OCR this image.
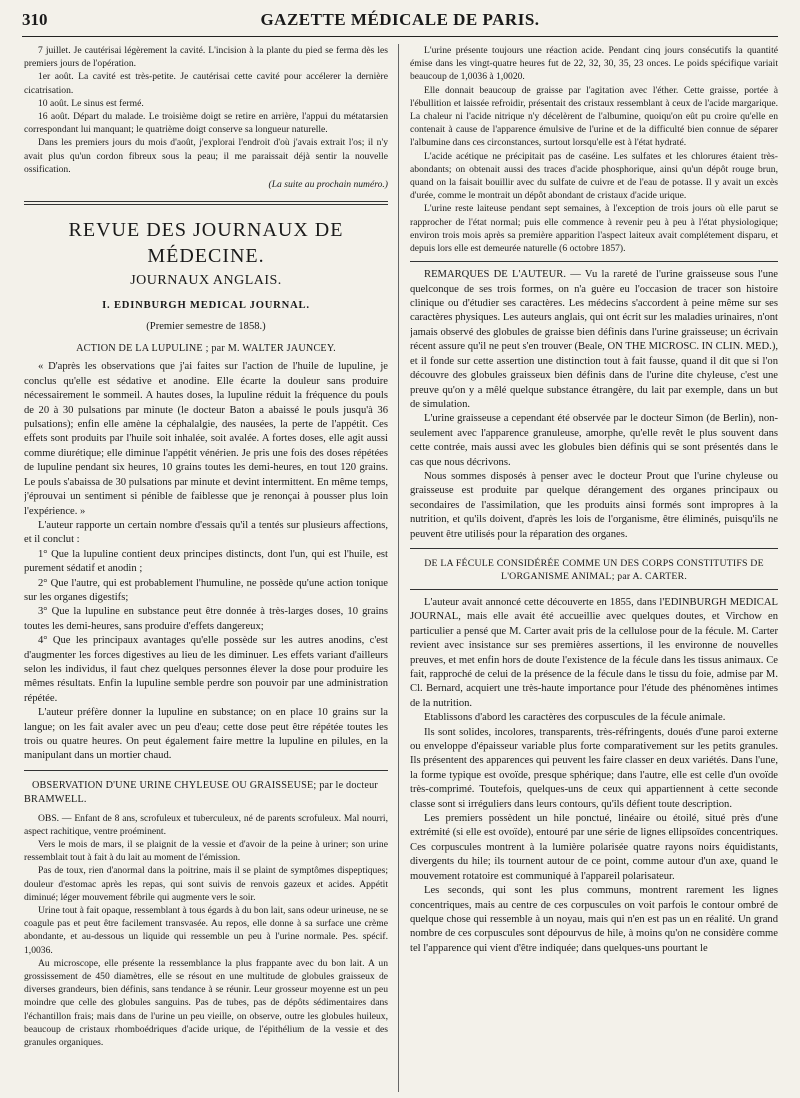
310	GAZETTE MÉDICALE DE PARIS.

7 juillet. Je cautérisai légèrement la cavité. L'incision à la plante du pied se ferma dès les premiers jours de l'opération.

1er août. La cavité est très-petite. Je cautérisai cette cavité pour accélerer la dernière cicatrisation.

10 août. Le sinus est fermé.

16 août. Départ du malade. Le troisième doigt se retire en arrière, l'appui du métatarsien correspondant lui manquant; le quatrième doigt conserve sa longueur naturelle.

Dans les premiers jours du mois d'août, j'explorai l'endroit d'où j'avais extrait l'os; il n'y avait plus qu'un cordon fibreux sous la peau; il me paraissait déjà sentir la nouvelle ossification.

(La suite au prochain numéro.)

REVUE DES JOURNAUX DE MÉDECINE.
JOURNAUX ANGLAIS.
I. EDINBURGH MEDICAL JOURNAL.
(Premier semestre de 1858.)
ACTION DE LA LUPULINE ; par M. WALTER JAUNCEY.

« D'après les observations que j'ai faites sur l'action de l'huile de lupuline, je conclus qu'elle est sédative et anodine. Elle écarte la douleur sans produire nécessairement le sommeil. A hautes doses, la lupuline réduit la fréquence du pouls de 20 à 30 pulsations par minute (le docteur Baton a abaissé le pouls jusqu'à 36 pulsations); enfin elle amène la céphalalgie, des nausées, la perte de l'appétit. Ces effets sont produits par l'huile soit inhalée, soit avalée. A fortes doses, elle agit aussi comme diurétique; elle diminue l'appétit vénérien. Je pris une fois des doses répétées de lupuline pendant six heures, 10 grains toutes les demi-heures, en tout 120 grains. Le pouls s'abaissa de 30 pulsations par minute et devint intermittent. En même temps, j'éprouvai un sentiment si pénible de faiblesse que je renonçai à pousser plus loin l'expérience. »

L'auteur rapporte un certain nombre d'essais qu'il a tentés sur plusieurs affections, et il conclut :

1° Que la lupuline contient deux principes distincts, dont l'un, qui est l'huile, est purement sédatif et anodin ;

2° Que l'autre, qui est probablement l'humuline, ne possède qu'une action tonique sur les organes digestifs;

3° Que la lupuline en substance peut être donnée à très-larges doses, 10 grains toutes les demi-heures, sans produire d'effets dangereux;

4° Que les principaux avantages qu'elle possède sur les autres anodins, c'est d'augmenter les forces digestives au lieu de les diminuer. Les effets variant d'ailleurs selon les individus, il faut chez quelques personnes élever la dose pour produire les mêmes résultats. Enfin la lupuline semble perdre son pouvoir par une administration répétée.

L'auteur préfère donner la lupuline en substance; on en place 10 grains sur la langue; on les fait avaler avec un peu d'eau; cette dose peut être répétée toutes les trois ou quatre heures. On peut également faire mettre la lupuline en pilules, en la manipulant dans un mortier chaud.

OBSERVATION D'UNE URINE CHYLEUSE OU GRAISSEUSE; par le docteur BRAMWELL.

OBS. — Enfant de 8 ans, scrofuleux et tuberculeux, né de parents scrofuleux. Mal nourri, aspect rachitique, ventre proéminent.

Vers le mois de mars, il se plaignit de la vessie et d'avoir de la peine à uriner; son urine ressemblait tout à fait à du lait au moment de l'émission.

Pas de toux, rien d'anormal dans la poitrine, mais il se plaint de symptômes dispeptiques; douleur d'estomac après les repas, qui sont suivis de renvois gazeux et acides. Appétit diminué; léger mouvement fébrile qui augmente vers le soir.

Urine tout à fait opaque, ressemblant à tous égards à du bon lait, sans odeur urineuse, ne se coagule pas et peut être facilement transvasée. Au repos, elle donne à sa surface une crème abondante, et au-dessous un liquide qui ressemble un peu à l'urine normale. Pes. spécif. 1,0036.

Au microscope, elle présente la ressemblance la plus frappante avec du bon lait. A un grossissement de 450 diamètres, elle se résout en une multitude de globules graisseux de diverses grandeurs, bien définis, sans tendance à se réunir. Leur grosseur moyenne est un peu moindre que celle des globules sanguins. Pas de tubes, pas de dépôts sédimentaires dans l'échantillon frais; mais dans de l'urine un peu vieille, on observe, outre les globules huileux, beaucoup de cristaux rhomboédriques d'acide urique, de l'épithélium de la vessie et des granules organiques.

L'urine présente toujours une réaction acide. Pendant cinq jours consécutifs la quantité émise dans les vingt-quatre heures fut de 22, 32, 30, 35, 23 onces. Le poids spécifique variait beaucoup de 1,0036 à 1,0020.

Elle donnait beaucoup de graisse par l'agitation avec l'éther. Cette graisse, portée à l'ébullition et laissée refroidir, présentait des cristaux ressemblant à ceux de l'acide margarique. La chaleur ni l'acide nitrique n'y décelèrent de l'albumine, quoiqu'on eût pu croire qu'elle en contenait à cause de l'apparence émulsive de l'urine et de la difficulté bien connue de séparer l'albumine dans ces circonstances, surtout lorsqu'elle est à l'état hydraté.

L'acide acétique ne précipitait pas de caséine. Les sulfates et les chlorures étaient très-abondants; on obtenait aussi des traces d'acide phosphorique, ainsi qu'un dépôt rouge brun, quand on la faisait bouillir avec du sulfate de cuivre et de l'eau de potasse. Il y avait un excès d'urée, comme le montrait un dépôt abondant de cristaux d'acide urique.

L'urine reste laiteuse pendant sept semaines, à l'exception de trois jours où elle parut se rapprocher de l'état normal; puis elle commence à revenir peu à peu à l'état physiologique; environ trois mois après sa première apparition l'aspect laiteux avait complétement disparu, et depuis lors elle est demeurée naturelle (6 octobre 1857).

REMARQUES DE L'AUTEUR. — Vu la rareté de l'urine graisseuse sous l'une quelconque de ses trois formes, on n'a guère eu l'occasion de tracer son histoire clinique ou d'étudier ses caractères. Les médecins s'accordent à peine même sur ses caractères physiques. Les auteurs anglais, qui ont écrit sur les maladies urinaires, n'ont jamais observé des globules de graisse bien définis dans l'urine graisseuse; un écrivain récent assure qu'il ne peut s'en trouver (Beale, ON THE MICROSC. IN CLIN. MED.), et il fonde sur cette assertion une distinction tout à fait fausse, quand il dit que si l'on découvre des globules graisseux bien définis dans de l'urine dite chyleuse, c'est une preuve qu'on y a mêlé quelque substance étrangère, du lait par exemple, dans un but de simulation.

L'urine graisseuse a cependant été observée par le docteur Simon (de Berlin), non-seulement avec l'apparence granuleuse, amorphe, qu'elle revêt le plus souvent dans cette contrée, mais aussi avec les globules bien définis qui se sont présentés dans le cas que nous décrivons.

Nous sommes disposés à penser avec le docteur Prout que l'urine chyleuse ou graisseuse est produite par quelque dérangement des organes principaux ou secondaires de l'assimilation, que les produits ainsi formés sont impropres à la nutrition, et qu'ils doivent, d'après les lois de l'organisme, être éliminés, puisqu'ils ne peuvent être utilisés pour la réparation des organes.

DE LA FÉCULE CONSIDÉRÉE COMME UN DES CORPS CONSTITUTIFS DE L'ORGANISME ANIMAL; par A. CARTER.

L'auteur avait annoncé cette découverte en 1855, dans l'EDINBURGH MEDICAL JOURNAL, mais elle avait été accueillie avec quelques doutes, et Virchow en particulier a pensé que M. Carter avait pris de la cellulose pour de la fécule. M. Carter revient avec insistance sur ses premières assertions, il les environne de nouvelles preuves, et met enfin hors de doute l'existence de la fécule dans les tissus animaux. Ce fait, rapproché de celui de la présence de la fécule dans le tissu du foie, admise par M. Cl. Bernard, acquiert une très-haute importance pour l'étude des phénomènes intimes de la nutrition.

Etablissons d'abord les caractères des corpuscules de la fécule animale.

Ils sont solides, incolores, transparents, très-réfringents, doués d'une paroi externe ou enveloppe d'épaisseur variable plus forte comparativement sur les petits granules. Ils présentent des apparences qui peuvent les faire classer en deux variétés. Dans l'une, la forme typique est ovoïde, presque sphérique; dans l'autre, elle est celle d'un ovoïde très-comprimé. Toutefois, quelques-uns de ceux qui appartiennent à cette seconde classe sont si irréguliers dans leurs contours, qu'ils défient toute description.

Les premiers possèdent un hile ponctué, linéaire ou étoilé, situé près d'une extrémité (si elle est ovoïde), entouré par une série de lignes ellipsoïdes concentriques. Ces corpuscules montrent à la lumière polarisée quatre rayons noirs équidistants, divergents du hile; ils tournent autour de ce point, comme autour d'un axe, quand le mouvement rotatoire est communiqué à l'appareil polarisateur.

Les seconds, qui sont les plus communs, montrent rarement les lignes concentriques, mais au centre de ces corpuscules on voit parfois le contour ombré de quelque chose qui ressemble à un noyau, mais qui n'en est pas un en réalité. Un grand nombre de ces corpuscules sont dépourvus de hile, à moins qu'on ne considère comme tel l'apparence qui vient d'être indiquée; dans quelques-uns pourtant le
